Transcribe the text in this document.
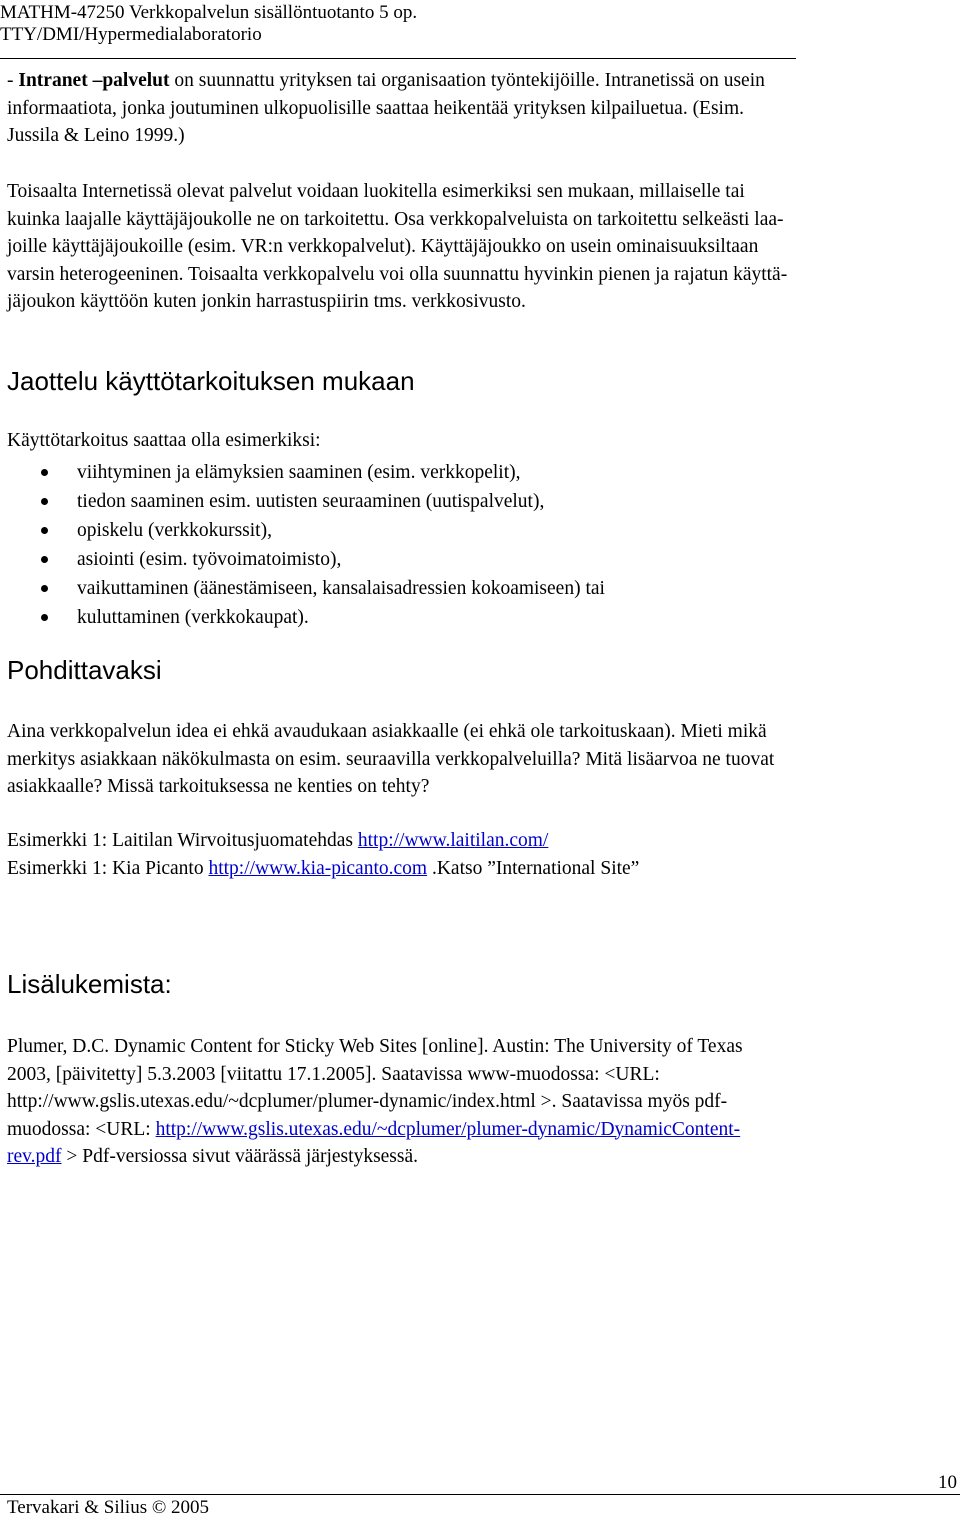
MATHM-47250 Verkkopalvelun sisällöntuotanto 5 op.
TTY/DMI/Hypermedialaboratorio

- Intranet –palvelut on suunnattu yrityksen tai organisaation työntekijöille. Intranetissä on usein
informaatiota, jonka joutuminen ulkopuolisille saattaa heikentää yrityksen kilpailuetua. (Esim.
Jussila & Leino 1999.)

Toisaalta Internetissä olevat palvelut voidaan luokitella esimerkiksi sen mukaan, millaiselle tai
kuinka laajalle käyttäjäjoukolle ne on tarkoitettu. Osa verkkopalveluista on tarkoitettu selkeästi laa-
joille käyttäjäjoukoille (esim. VR:n verkkopalvelut). Käyttäjäjoukko on usein ominaisuuksiltaan
varsin heterogeeninen. Toisaalta verkkopalvelu voi olla suunnattu hyvinkin pienen ja rajatun käyttä-
jäjoukon käyttöön kuten jonkin harrastuspiirin tms. verkkosivusto.

Jaottelu käyttötarkoituksen mukaan

Käyttötarkoitus saattaa olla esimerkiksi:

viihtyminen ja elämyksien saaminen (esim. verkkopelit),
tiedon saaminen esim. uutisten seuraaminen (uutispalvelut),
opiskelu (verkkokurssit),
asiointi (esim. työvoimatoimisto),
vaikuttaminen (äänestämiseen, kansalaisadressien kokoamiseen) tai
kuluttaminen (verkkokaupat).
Pohdittavaksi

Aina verkkopalvelun idea ei ehkä avaudukaan asiakkaalle (ei ehkä ole tarkoituskaan). Mieti mikä
merkitys asiakkaan näkökulmasta on esim. seuraavilla verkkopalveluilla? Mitä lisäarvoa ne tuovat
asiakkaalle? Missä tarkoituksessa ne kenties on tehty?

Esimerkki 1: Laitilan Wirvoitusjuomatehdas http://www.laitilan.com/
Esimerkki 1: Kia Picanto http://www.kia-picanto.com .Katso ”International Site”

Lisälukemista:

Plumer, D.C. Dynamic Content for Sticky Web Sites [online]. Austin: The University of Texas
2003, [päivitetty] 5.3.2003 [viitattu 17.1.2005]. Saatavissa www-muodossa: <URL:
http://www.gslis.utexas.edu/~dcplumer/plumer-dynamic/index.html >. Saatavissa myös pdf-
muodossa: <URL: http://www.gslis.utexas.edu/~dcplumer/plumer-dynamic/DynamicContent-
rev.pdf > Pdf-versiossa sivut väärässä järjestyksessä.

10
Tervakari & Silius © 2005
